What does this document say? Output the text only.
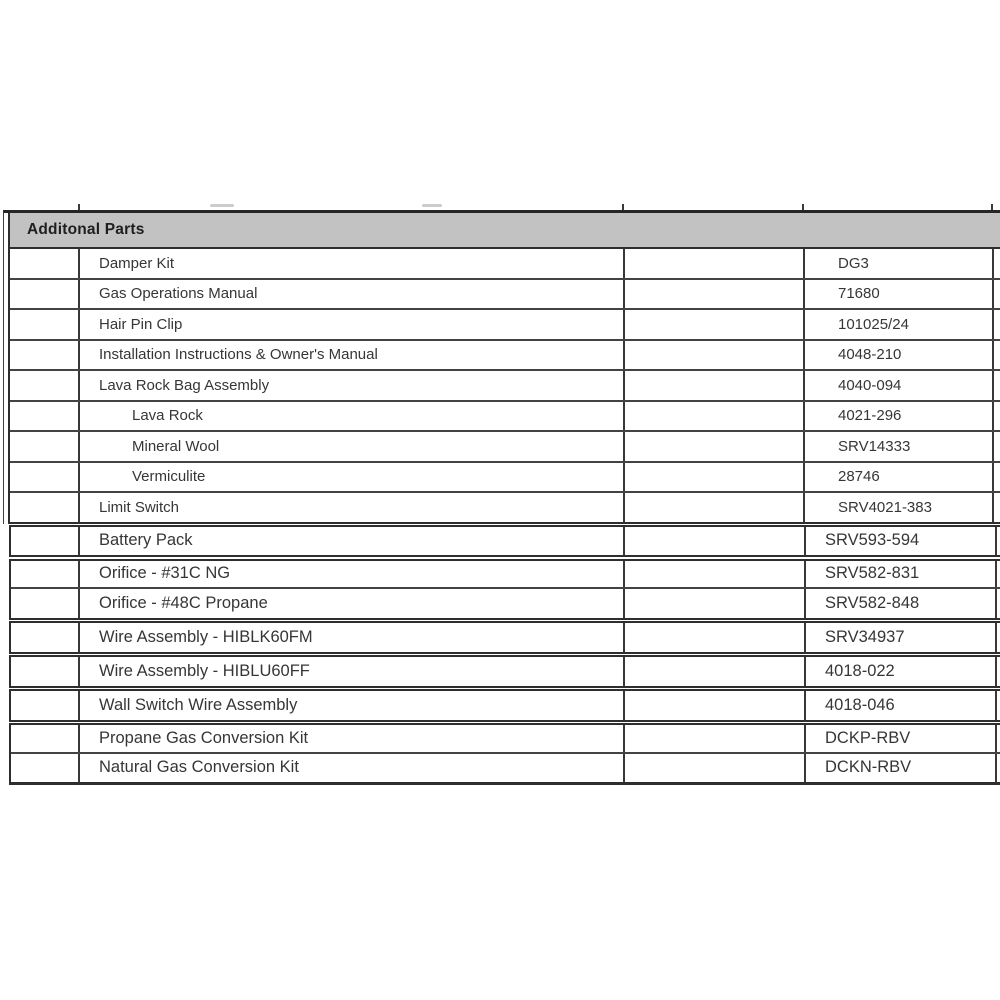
Additonal Parts
Damper Kit	DG3
Gas Operations Manual	71680
Hair Pin Clip	101025/24
Installation Instructions & Owner's Manual	4048-210
Lava Rock Bag Assembly	4040-094
Lava Rock	4021-296
Mineral Wool	SRV14333
Vermiculite	28746
Limit Switch	SRV4021-383
Battery Pack	SRV593-594
Orifice - #31C NG	SRV582-831
Orifice - #48C Propane	SRV582-848
Wire Assembly - HIBLK60FM	SRV34937
Wire Assembly - HIBLU60FF	4018-022
Wall Switch Wire Assembly	4018-046
Propane Gas Conversion Kit	DCKP-RBV
Natural Gas Conversion Kit	DCKN-RBV
